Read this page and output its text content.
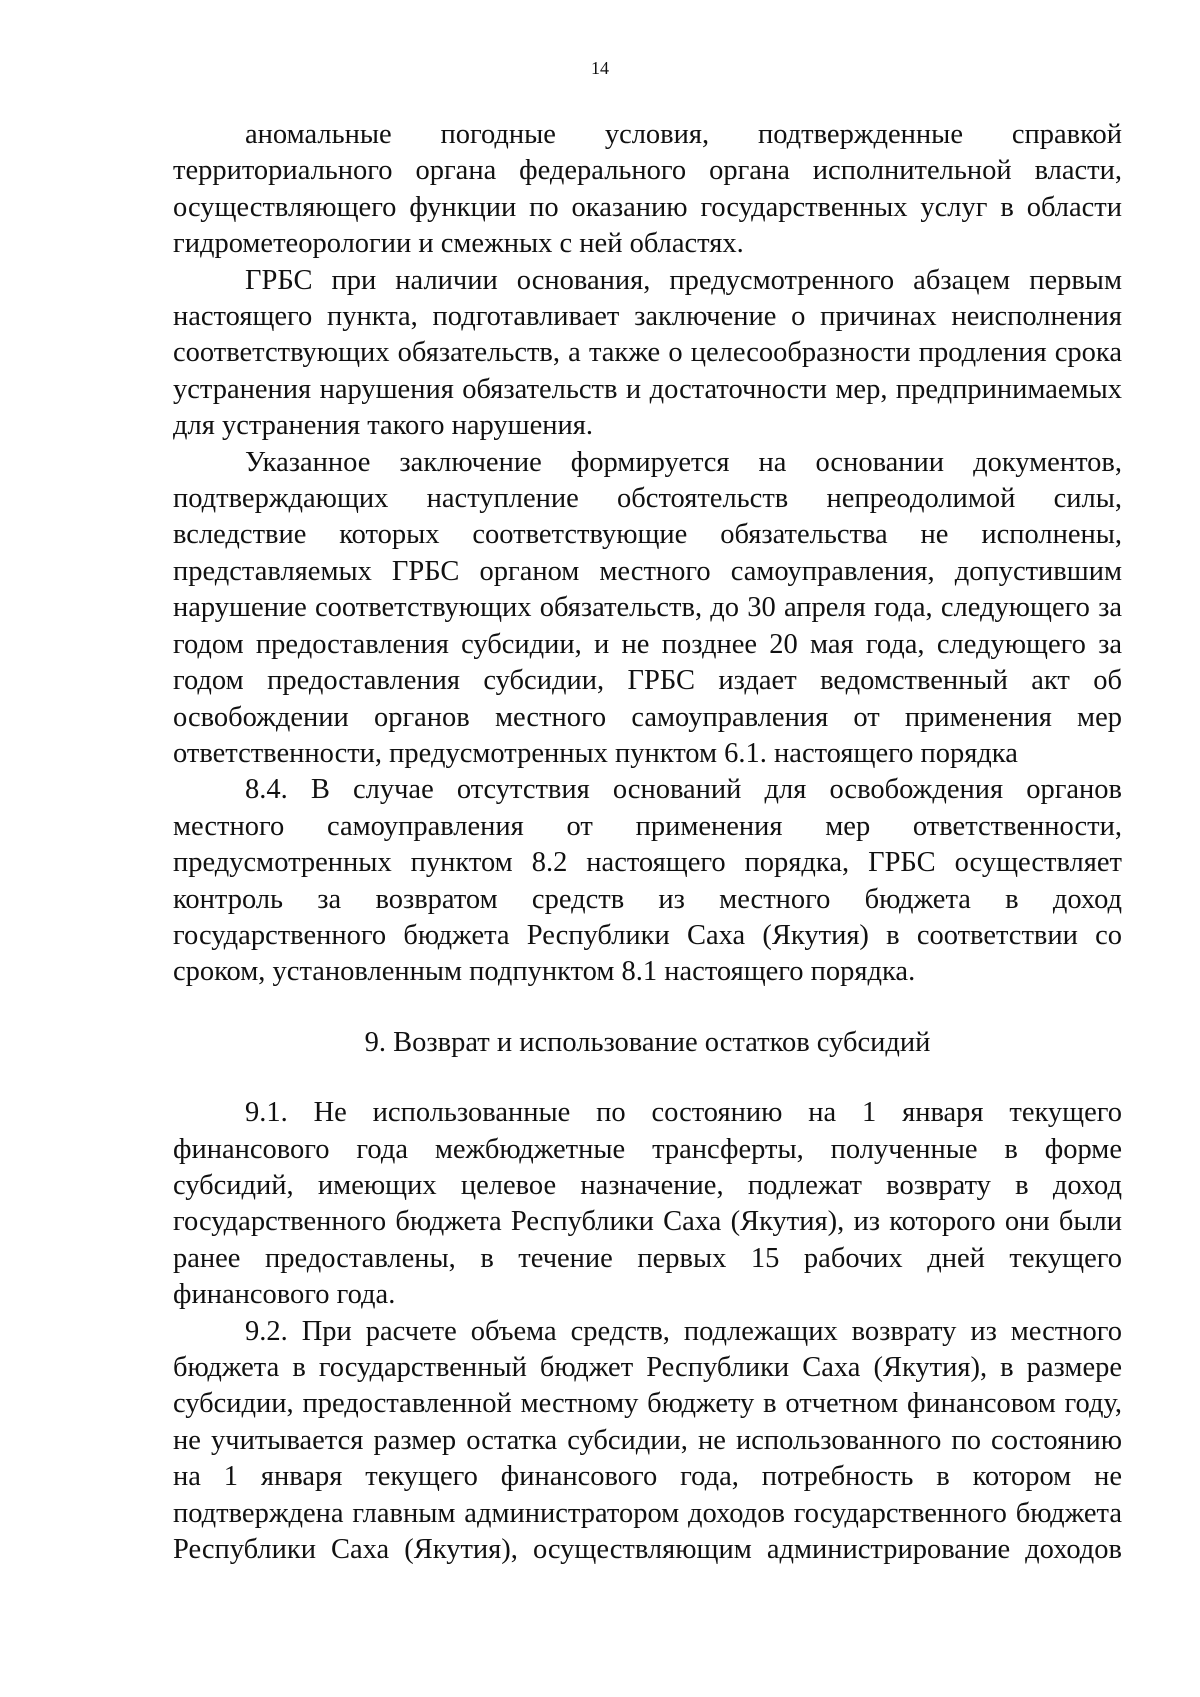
14

аномальные погодные условия, подтвержденные справкой территориального органа федерального органа исполнительной власти, осуществляющего функции по оказанию государственных услуг в области гидрометеорологии и смежных с ней областях.

ГРБС при наличии основания, предусмотренного абзацем первым настоящего пункта, подготавливает заключение о причинах неисполнения соответствующих обязательств, а также о целесообразности продления срока устранения нарушения обязательств и достаточности мер, предпринимаемых для устранения такого нарушения.

Указанное заключение формируется на основании документов, подтверждающих наступление обстоятельств непреодолимой силы, вследствие которых соответствующие обязательства не исполнены, представляемых ГРБС органом местного самоуправления, допустившим нарушение соответствующих обязательств, до 30 апреля года, следующего за годом предоставления субсидии, и не позднее 20 мая года, следующего за годом предоставления субсидии, ГРБС издает ведомственный акт об освобождении органов местного самоуправления от применения мер ответственности, предусмотренных пунктом 6.1. настоящего порядка

8.4. В случае отсутствия оснований для освобождения органов местного самоуправления от применения мер ответственности, предусмотренных пунктом 8.2 настоящего порядка, ГРБС осуществляет контроль за возвратом средств из местного бюджета в доход государственного бюджета Республики Саха (Якутия) в соответствии со сроком, установленным подпунктом 8.1 настоящего порядка.

9. Возврат и использование остатков субсидий

9.1. Не использованные по состоянию на 1 января текущего финансового года межбюджетные трансферты, полученные в форме субсидий, имеющих целевое назначение, подлежат возврату в доход государственного бюджета Республики Саха (Якутия), из которого они были ранее предоставлены, в течение первых 15 рабочих дней текущего финансового года.

9.2. При расчете объема средств, подлежащих возврату из местного бюджета в государственный бюджет Республики Саха (Якутия), в размере субсидии, предоставленной местному бюджету в отчетном финансовом году, не учитывается размер остатка субсидии, не использованного по состоянию на 1 января текущего финансового года, потребность в котором не подтверждена главным администратором доходов государственного бюджета Республики Саха (Якутия), осуществляющим администрирование доходов
